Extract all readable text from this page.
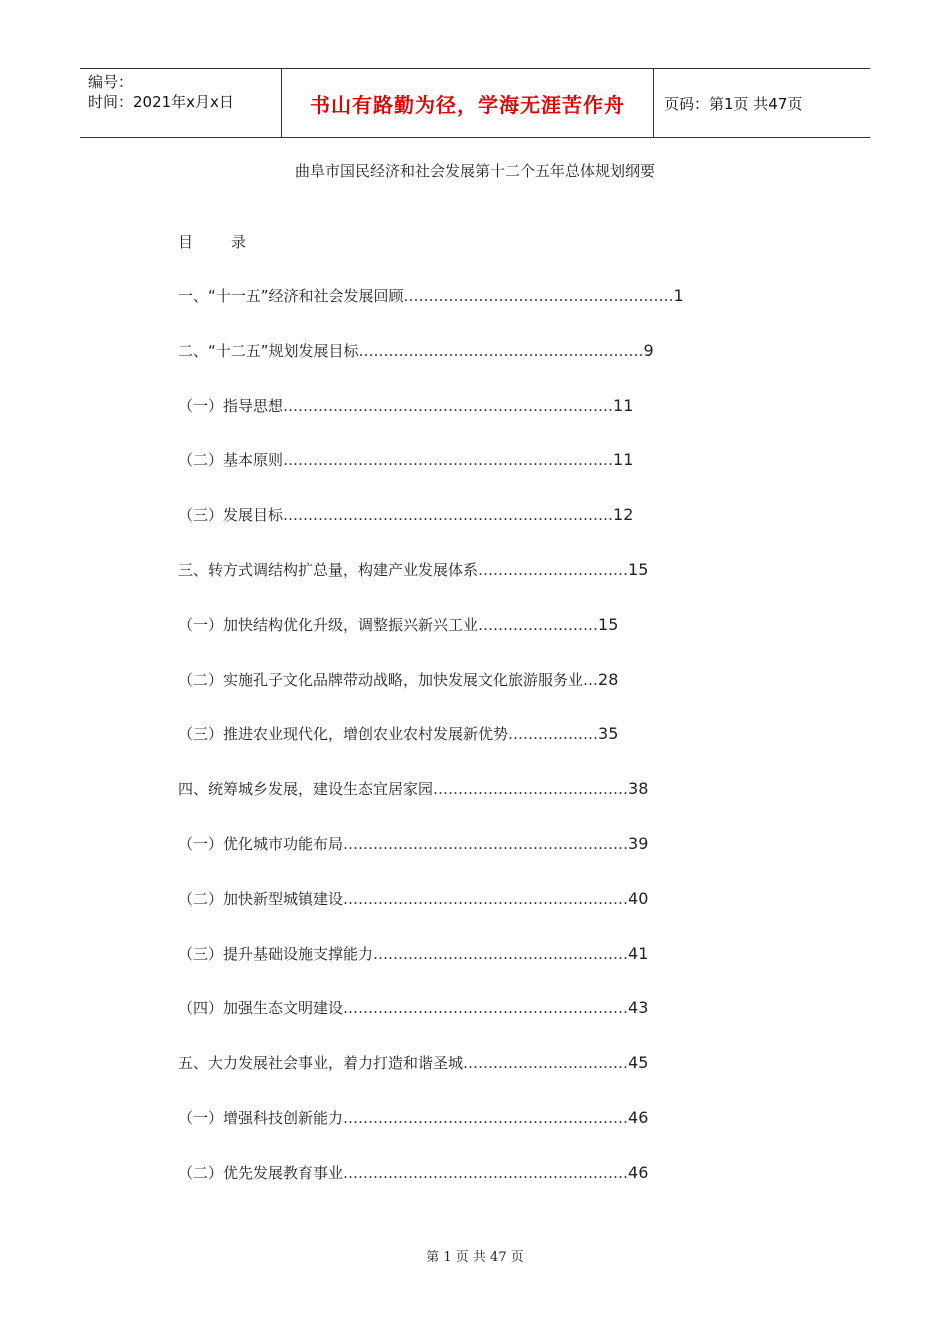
编号：
时间：2021年x月x日	书山有路勤为径，学海无涯苦作舟	页码：第1页 共47页
曲阜市国民经济和社会发展第十二个五年总体规划纲要
目	录
一、“十一五”经济和社会发展回顾………………………………………………1
二、“十二五”规划发展目标…………………………………………………9
（一）指导思想…………………………………………………………11
（二）基本原则…………………………………………………………11
（三）发展目标…………………………………………………………12
三、转方式调结构扩总量，构建产业发展体系…………………………15
（一）加快结构优化升级，调整振兴新兴工业……………………15
（二）实施孔子文化品牌带动战略，加快发展文化旅游服务业…28
（三）推进农业现代化，增创农业农村发展新优势………………35
四、统筹城乡发展，建设生态宜居家园…………………………………38
（一）优化城市功能布局…………………………………………………39
（二）加快新型城镇建设…………………………………………………40
（三）提升基础设施支撑能力……………………………………………41
（四）加强生态文明建设…………………………………………………43
五、大力发展社会事业，着力打造和谐圣城……………………………45
（一）增强科技创新能力…………………………………………………46
（二）优先发展教育事业…………………………………………………46
第 1 页 共 47 页
